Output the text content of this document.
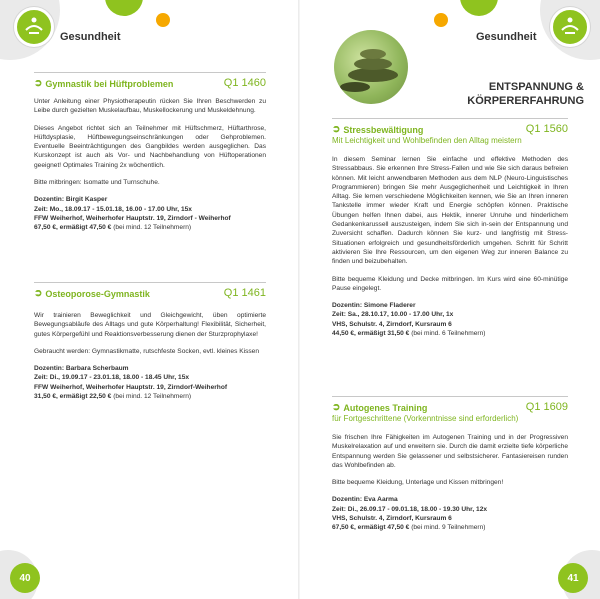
Gesundheit
➲ Gymnastik bei Hüftproblemen	Q1 1460

Unter Anleitung einer Physiotherapeutin rücken Sie Ihren Beschwerden zu Leibe durch gezielten Muskelaufbau, Muskellockerung und Muskeldehnung.

Dieses Angebot richtet sich an Teilnehmer mit Hüftschmerz, Hüftarthrose, Hüftdysplasie, Hüftbewegungseinschränkungen oder Gehproblemen. Eventuelle Beeinträchtigungen des Gangbildes werden ausgeglichen. Das Kurskonzept ist auch als Vor- und Nachbehandlung von Hüftoperationen geeignet! Optimales Training 2x wöchentlich.

Bitte mitbringen: Isomatte und Turnschuhe.

Dozentin: Birgit Kasper

Zeit: Mo., 18.09.17 - 15.01.18, 16.00 - 17.00 Uhr, 15x

FFW Weiherhof, Weiherhofer Hauptstr. 19, Zirndorf - Weiherhof

67,50 €, ermäßigt 47,50 € (bei mind. 12 Teilnehmern)

➲ Osteoporose-Gymnastik	Q1 1461

Wir trainieren Beweglichkeit und Gleichgewicht, üben optimierte Bewegungsabläufe des Alltags und gute Körperhaltung! Flexibilität, Sicherheit, gutes Körpergefühl und Reaktionsverbesserung dienen der Sturzprophylaxe!

Gebraucht werden: Gymnastikmatte, rutschfeste Socken, evtl. kleines Kissen

Dozentin: Barbara Scherbaum

Zeit: Di., 19.09.17 - 23.01.18, 18.00 - 18.45 Uhr, 15x

FFW Weiherhof, Weiherhofer Hauptstr. 19, Zirndorf-Weiherhof

31,50 €, ermäßigt 22,50 € (bei mind. 12 Teilnehmern)

40
Gesundheit
ENTSPANNUNG &
KÖRPERERFAHRUNG
➲ Stressbewältigung	Q1 1560
Mit Leichtigkeit und Wohlbefinden den Alltag meistern

In diesem Seminar lernen Sie einfache und effektive Methoden des Stressabbaus. Sie erkennen Ihre Stress-Fallen und wie Sie sich daraus befreien können. Mit leicht anwendbaren Methoden aus dem NLP (Neuro-Linguistisches Programmieren) bringen Sie mehr Ausgeglichenheit und Leichtigkeit in Ihren Alltag. Sie lernen verschiedene Möglichkeiten kennen, wie Sie an Ihren inneren Tankstelle immer wieder Kraft und Energie schöpfen können. Praktische Übungen helfen Ihnen dabei, aus Hektik, innerer Unruhe und hinderlichem Gedankenkarussell auszusteigen, indem Sie sich in-sein der Entspannung und Zuversicht schaffen. Dadurch können Sie kurz- und langfristig mit Stress-Situationen erfolgreich und gesundheitsförderlich umgehen. Schritt für Schritt aktivieren Sie Ihre Ressourcen, um den eigenen Weg zur inneren Balance zu finden und beizubehalten.

Bitte bequeme Kleidung und Decke mitbringen. Im Kurs wird eine 60-minütige Pause eingelegt.

Dozentin: Simone Fladerer

Zeit: Sa., 28.10.17, 10.00 - 17.00 Uhr, 1x

VHS, Schulstr. 4, Zirndorf, Kursraum 6

44,50 €, ermäßigt 31,50 € (bei mind. 6 Teilnehmern)

➲ Autogenes Training	Q1 1609
für Fortgeschrittene (Vorkenntnisse sind erforderlich)

Sie frischen Ihre Fähigkeiten im Autogenen Training und in der Progressiven Muskelrelaxation auf und erweitern sie. Durch die damit erzielte tiefe körperliche Entspannung werden Sie gelassener und selbstsicherer. Fantasiereisen runden das Wohlbefinden ab.

Bitte bequeme Kleidung, Unterlage und Kissen mitbringen!

Dozentin: Eva Aarma

Zeit: Di., 26.09.17 - 09.01.18, 18.00 - 19.30 Uhr, 12x

VHS, Schulstr. 4, Zirndorf, Kursraum 6

67,50 €, ermäßigt 47,50 € (bei mind. 9 Teilnehmern)

41
